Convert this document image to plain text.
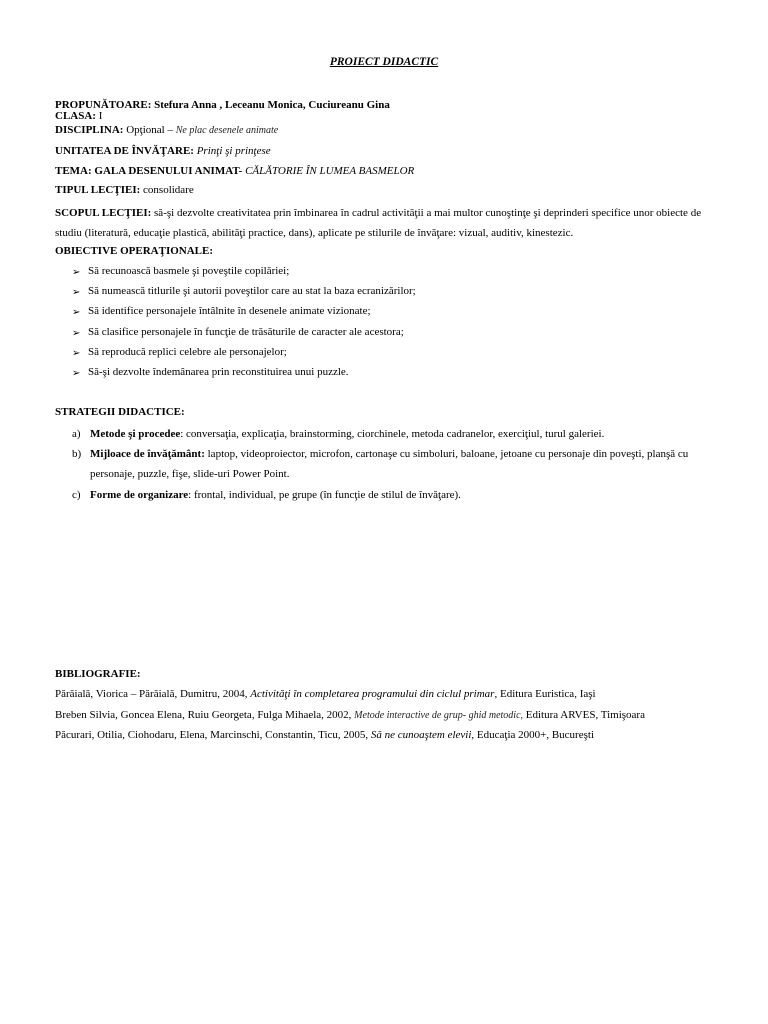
PROIECT DIDACTIC
PROPUNĂTOARE: Stefura Anna , Leceanu Monica, Cuciureanu Gina
CLASA: I
DISCIPLINA: Opţional – Ne plac desenele animate
UNITATEA DE ÎNVĂŢARE: Prinţi şi prinţese
TEMA: GALA DESENULUI ANIMAT- CĂLĂTORIE ÎN LUMEA BASMELOR
TIPUL LECŢIEI: consolidare
SCOPUL LECŢIEI: să-şi dezvolte creativitatea prin îmbinarea în cadrul activităţii a mai multor cunoştinţe şi deprinderi specifice unor obiecte de studiu (literatură, educaţie plastică, abilităţi practice, dans), aplicate pe stilurile de învăţare: vizual, auditiv, kinestezic.
OBIECTIVE OPERAŢIONALE:
➢ Să recunoască basmele şi poveştile copilăriei;
➢ Să numească titlurile şi autorii poveştilor care au stat la baza ecranizărilor;
➢ Să identifice personajele întâlnite în desenele animate vizionate;
➢ Să clasifice personajele în funcţie de trăsăturile de caracter ale acestora;
➢ Să reproducă replici celebre ale personajelor;
➢ Să-şi dezvolte îndemânarea prin reconstituirea unui puzzle.
STRATEGII DIDACTICE:
a) Metode şi procedee: conversaţia, explicaţia, brainstorming, ciorchinele, metoda cadranelor, exerciţiul, turul galeriei.
b) Mijloace de învăţământ: laptop, videoproiector, microfon, cartonaşe cu simboluri, baloane, jetoane cu personaje din poveşti, planşă cu personaje, puzzle, fişe, slide-uri Power Point.
c) Forme de organizare: frontal, individual, pe grupe (în funcţie de stilul de învăţare).
BIBLIOGRAFIE:
Părăială, Viorica – Părăială, Dumitru, 2004, Activităţi în completarea programului din ciclul primar, Editura Euristica, Iaşi
Breben Silvia, Goncea Elena, Ruiu Georgeta, Fulga Mihaela, 2002, Metode interactive de grup- ghid metodic, Editura ARVES, Timişoara
Păcurari, Otilia, Ciohodaru, Elena, Marcinschi, Constantin, Ticu, 2005, Să ne cunoaştem elevii, Educaţia 2000+, Bucureşti
